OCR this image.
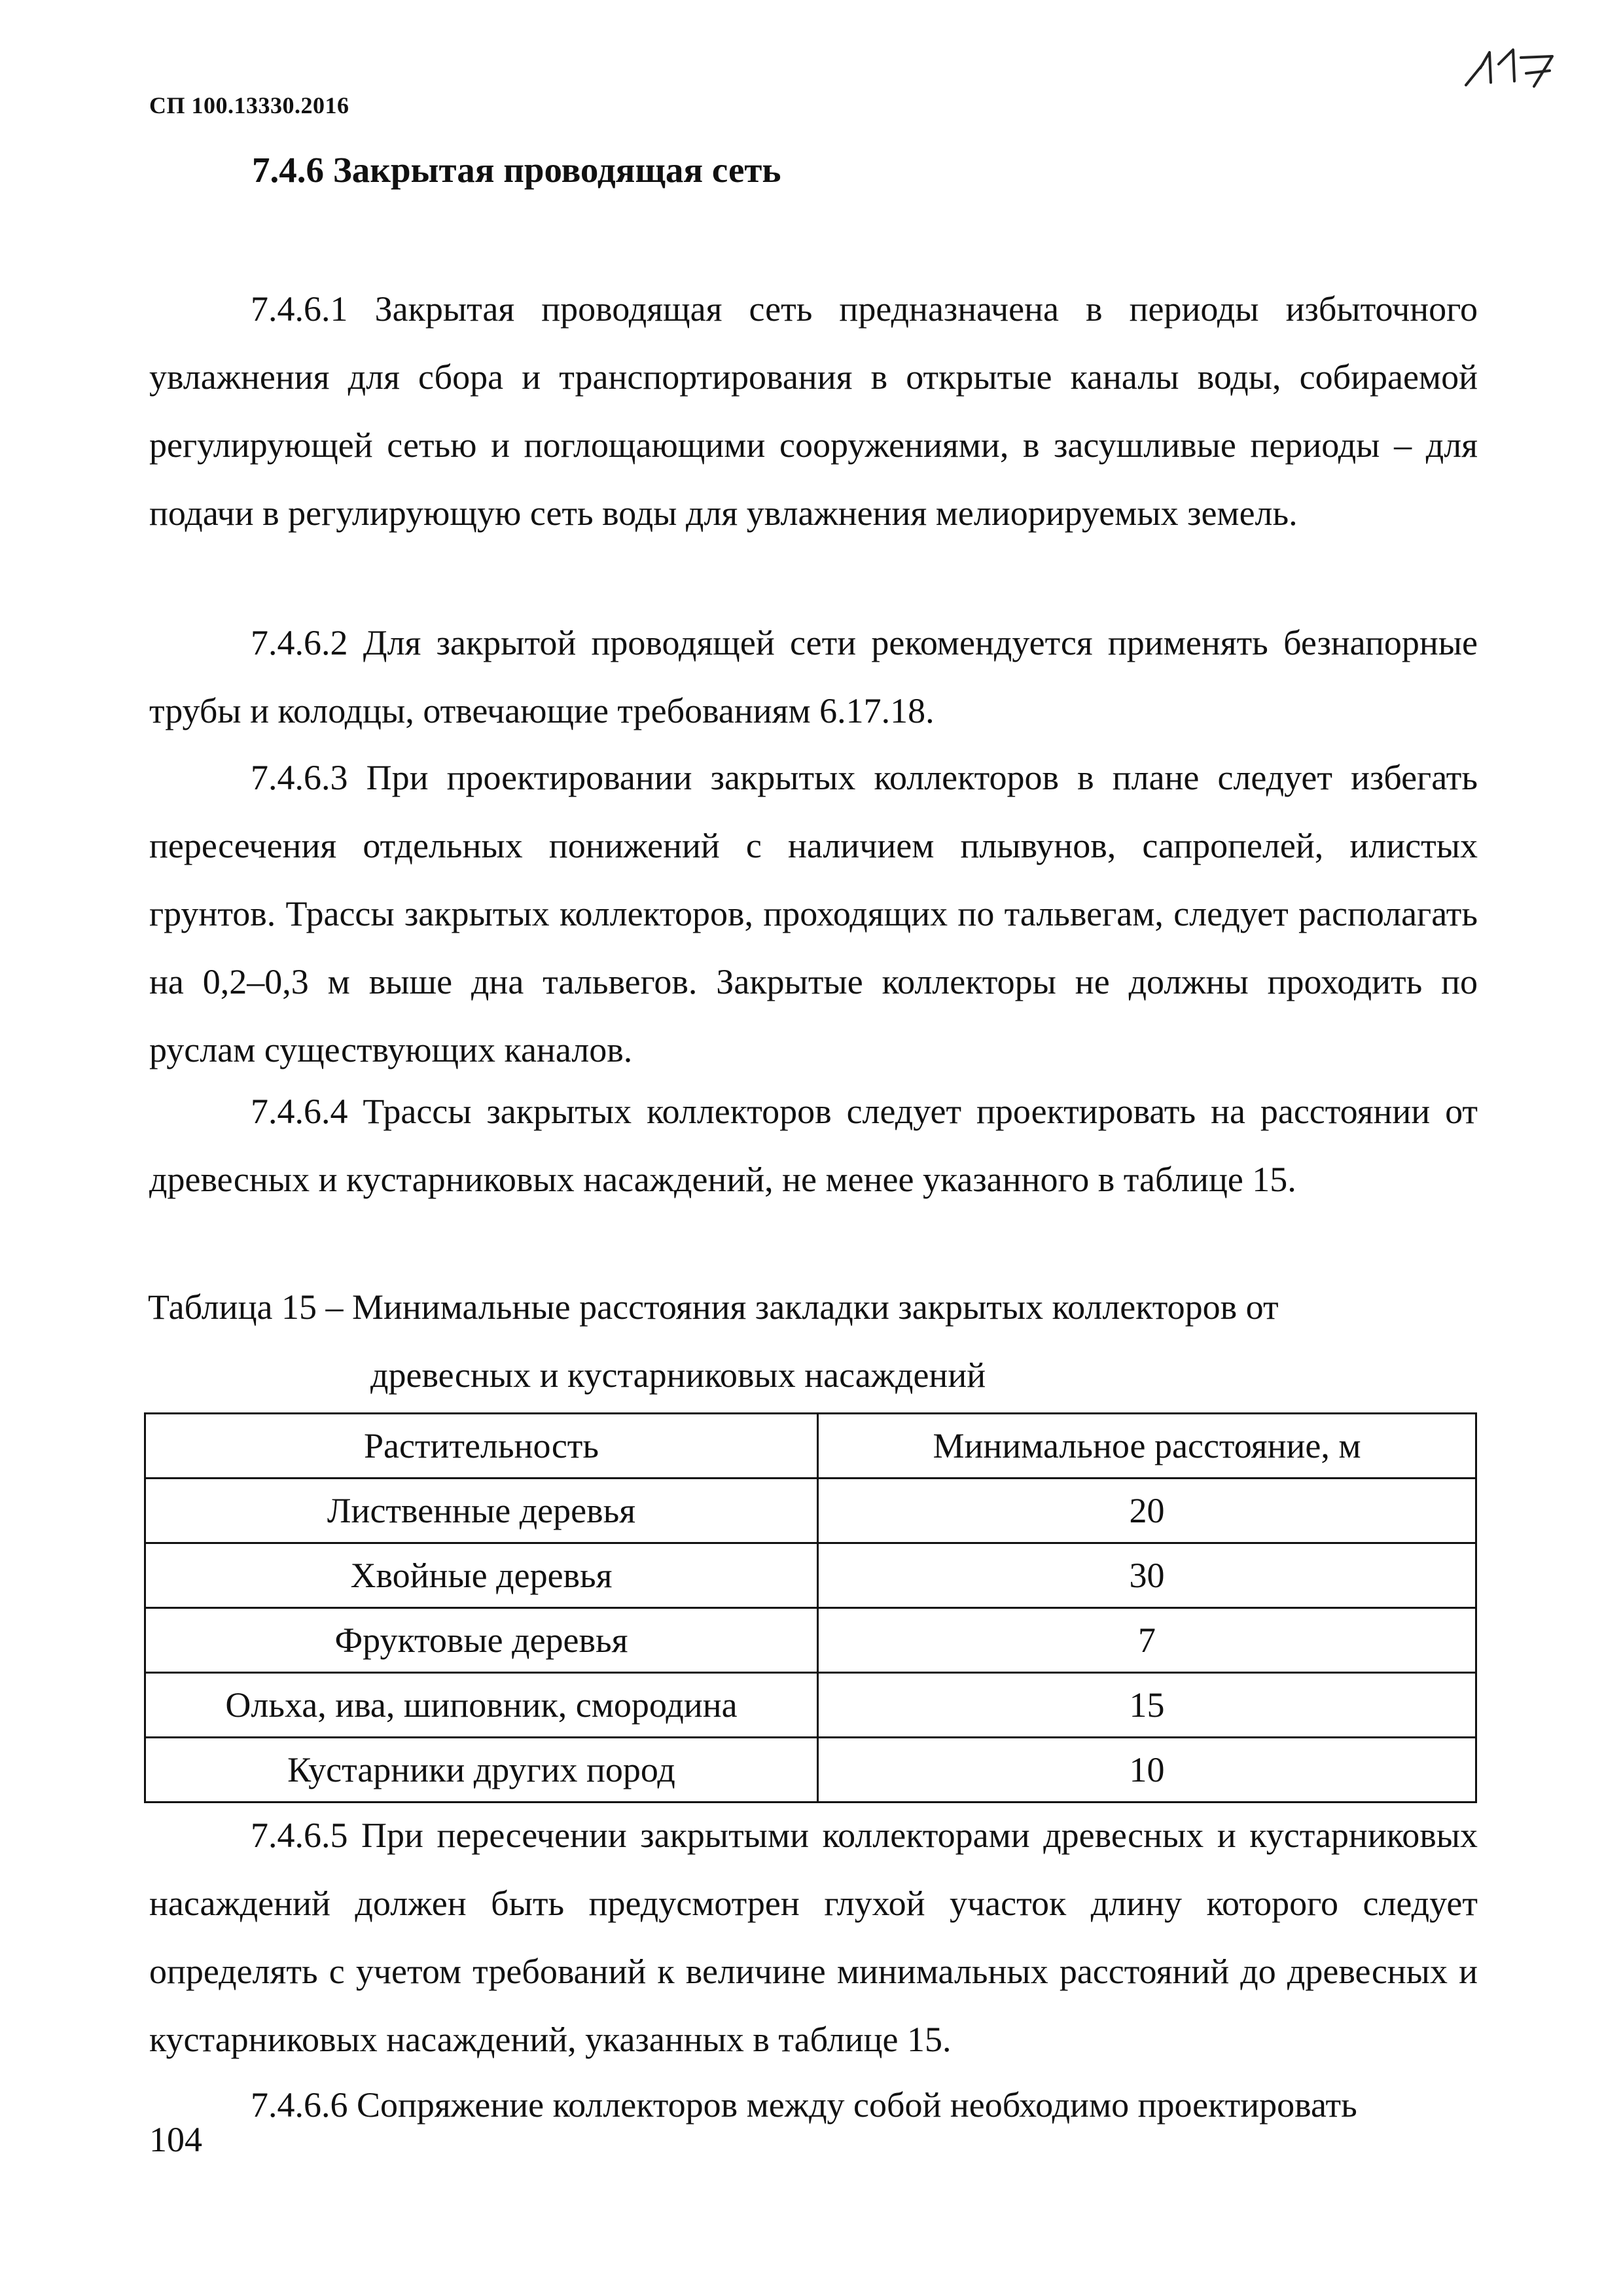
СП 100.13330.2016
7.4.6 Закрытая проводящая сеть

7.4.6.1 Закрытая проводящая сеть предназначена в периоды избыточного увлажнения для сбора и транспортирования в открытые каналы воды, собираемой регулирующей сетью и поглощающими сооружениями, в засушливые периоды – для подачи в регулирующую сеть воды для увлажнения мелиорируемых земель.

7.4.6.2 Для закрытой проводящей сети рекомендуется применять безнапорные трубы и колодцы, отвечающие требованиям 6.17.18.

7.4.6.3 При проектировании закрытых коллекторов в плане следует избегать пересечения отдельных понижений с наличием плывунов, сапропелей, илистых грунтов. Трассы закрытых коллекторов, проходящих по тальвегам, следует располагать на 0,2–0,3 м выше дна тальвегов. Закрытые коллекторы не должны проходить по руслам существующих каналов.

7.4.6.4 Трассы закрытых коллекторов следует проектировать на расстоянии от древесных и кустарниковых насаждений, не менее указанного в таблице 15.

Таблица 15 – Минимальные расстояния закладки закрытых коллекторов от
древесных и кустарниковых насаждений

Растительность	Минимальное расстояние, м
Лиственные деревья	20
Хвойные деревья	30
Фруктовые деревья	7
Ольха, ива, шиповник, смородина	15
Кустарники других пород	10

7.4.6.5 При пересечении закрытыми коллекторами древесных и кустарниковых насаждений должен быть предусмотрен глухой участок длину которого следует определять с учетом требований к величине минимальных расстояний до древесных и кустарниковых насаждений, указанных в таблице 15.

7.4.6.6 Сопряжение коллекторов между собой необходимо проектировать

104
